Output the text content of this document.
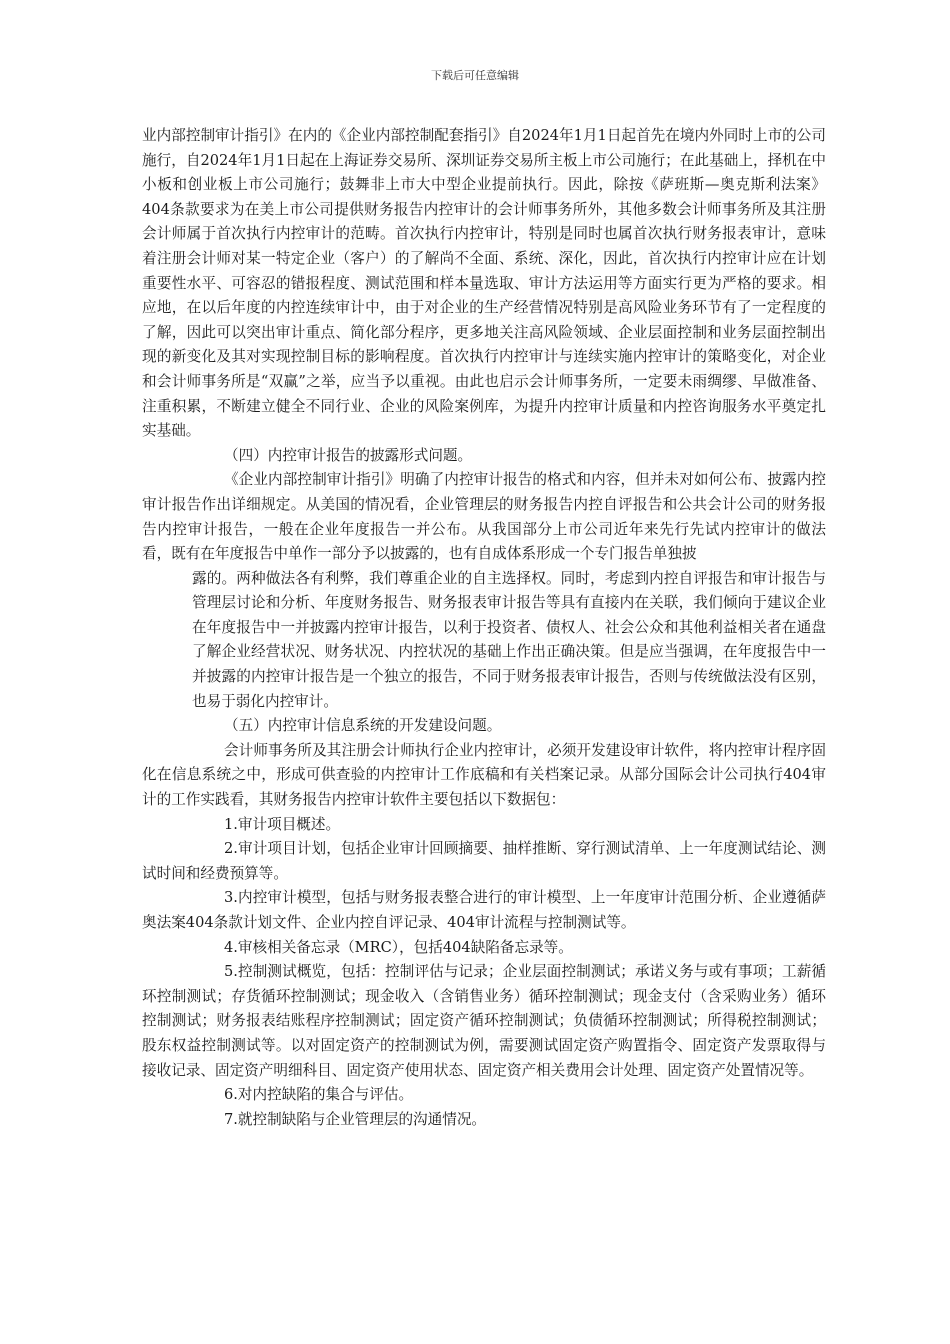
下载后可任意编辑

业内部控制审计指引》在内的《企业内部控制配套指引》自2024年1月1日起首先在境内外同时上市的公司施行，自2024年1月1日起在上海证券交易所、深圳证券交易所主板上市公司施行；在此基础上，择机在中小板和创业板上市公司施行；鼓舞非上市大中型企业提前执行。因此，除按《萨班斯—奥克斯利法案》404条款要求为在美上市公司提供财务报告内控审计的会计师事务所外，其他多数会计师事务所及其注册会计师属于首次执行内控审计的范畴。首次执行内控审计，特别是同时也属首次执行财务报表审计，意味着注册会计师对某一特定企业（客户）的了解尚不全面、系统、深化，因此，首次执行内控审计应在计划重要性水平、可容忍的错报程度、测试范围和样本量选取、审计方法运用等方面实行更为严格的要求。相应地，在以后年度的内控连续审计中，由于对企业的生产经营情况特别是高风险业务环节有了一定程度的了解，因此可以突出审计重点、简化部分程序，更多地关注高风险领域、企业层面控制和业务层面控制出现的新变化及其对实现控制目标的影响程度。首次执行内控审计与连续实施内控审计的策略变化，对企业和会计师事务所是“双赢”之举，应当予以重视。由此也启示会计师事务所，一定要未雨绸缪、早做准备、注重积累，不断建立健全不同行业、企业的风险案例库，为提升内控审计质量和内控咨询服务水平奠定扎实基础。

（四）内控审计报告的披露形式问题。

《企业内部控制审计指引》明确了内控审计报告的格式和内容，但并未对如何公布、披露内控审计报告作出详细规定。从美国的情况看，企业管理层的财务报告内控自评报告和公共会计公司的财务报告内控审计报告，一般在企业年度报告一并公布。从我国部分上市公司近年来先行先试内控审计的做法看，既有在年度报告中单作一部分予以披露的，也有自成体系形成一个专门报告单独披

露的。两种做法各有利弊，我们尊重企业的自主选择权。同时，考虑到内控自评报告和审计报告与管理层讨论和分析、年度财务报告、财务报表审计报告等具有直接内在关联，我们倾向于建议企业在年度报告中一并披露内控审计报告，以利于投资者、债权人、社会公众和其他利益相关者在通盘了解企业经营状况、财务状况、内控状况的基础上作出正确决策。但是应当强调，在年度报告中一并披露的内控审计报告是一个独立的报告，不同于财务报表审计报告，否则与传统做法没有区别，也易于弱化内控审计。

（五）内控审计信息系统的开发建设问题。

会计师事务所及其注册会计师执行企业内控审计，必须开发建设审计软件，将内控审计程序固化在信息系统之中，形成可供查验的内控审计工作底稿和有关档案记录。从部分国际会计公司执行404审计的工作实践看，其财务报告内控审计软件主要包括以下数据包：

1.审计项目概述。

2.审计项目计划，包括企业审计回顾摘要、抽样推断、穿行测试清单、上一年度测试结论、测试时间和经费预算等。

3.内控审计模型，包括与财务报表整合进行的审计模型、上一年度审计范围分析、企业遵循萨奥法案404条款计划文件、企业内控自评记录、404审计流程与控制测试等。

4.审核相关备忘录（MRC），包括404缺陷备忘录等。

5.控制测试概览，包括：控制评估与记录；企业层面控制测试；承诺义务与或有事项；工薪循环控制测试；存货循环控制测试；现金收入（含销售业务）循环控制测试；现金支付（含采购业务）循环控制测试；财务报表结账程序控制测试；固定资产循环控制测试；负债循环控制测试；所得税控制测试；股东权益控制测试等。以对固定资产的控制测试为例，需要测试固定资产购置指令、固定资产发票取得与接收记录、固定资产明细科目、固定资产使用状态、固定资产相关费用会计处理、固定资产处置情况等。

6.对内控缺陷的集合与评估。

7.就控制缺陷与企业管理层的沟通情况。
